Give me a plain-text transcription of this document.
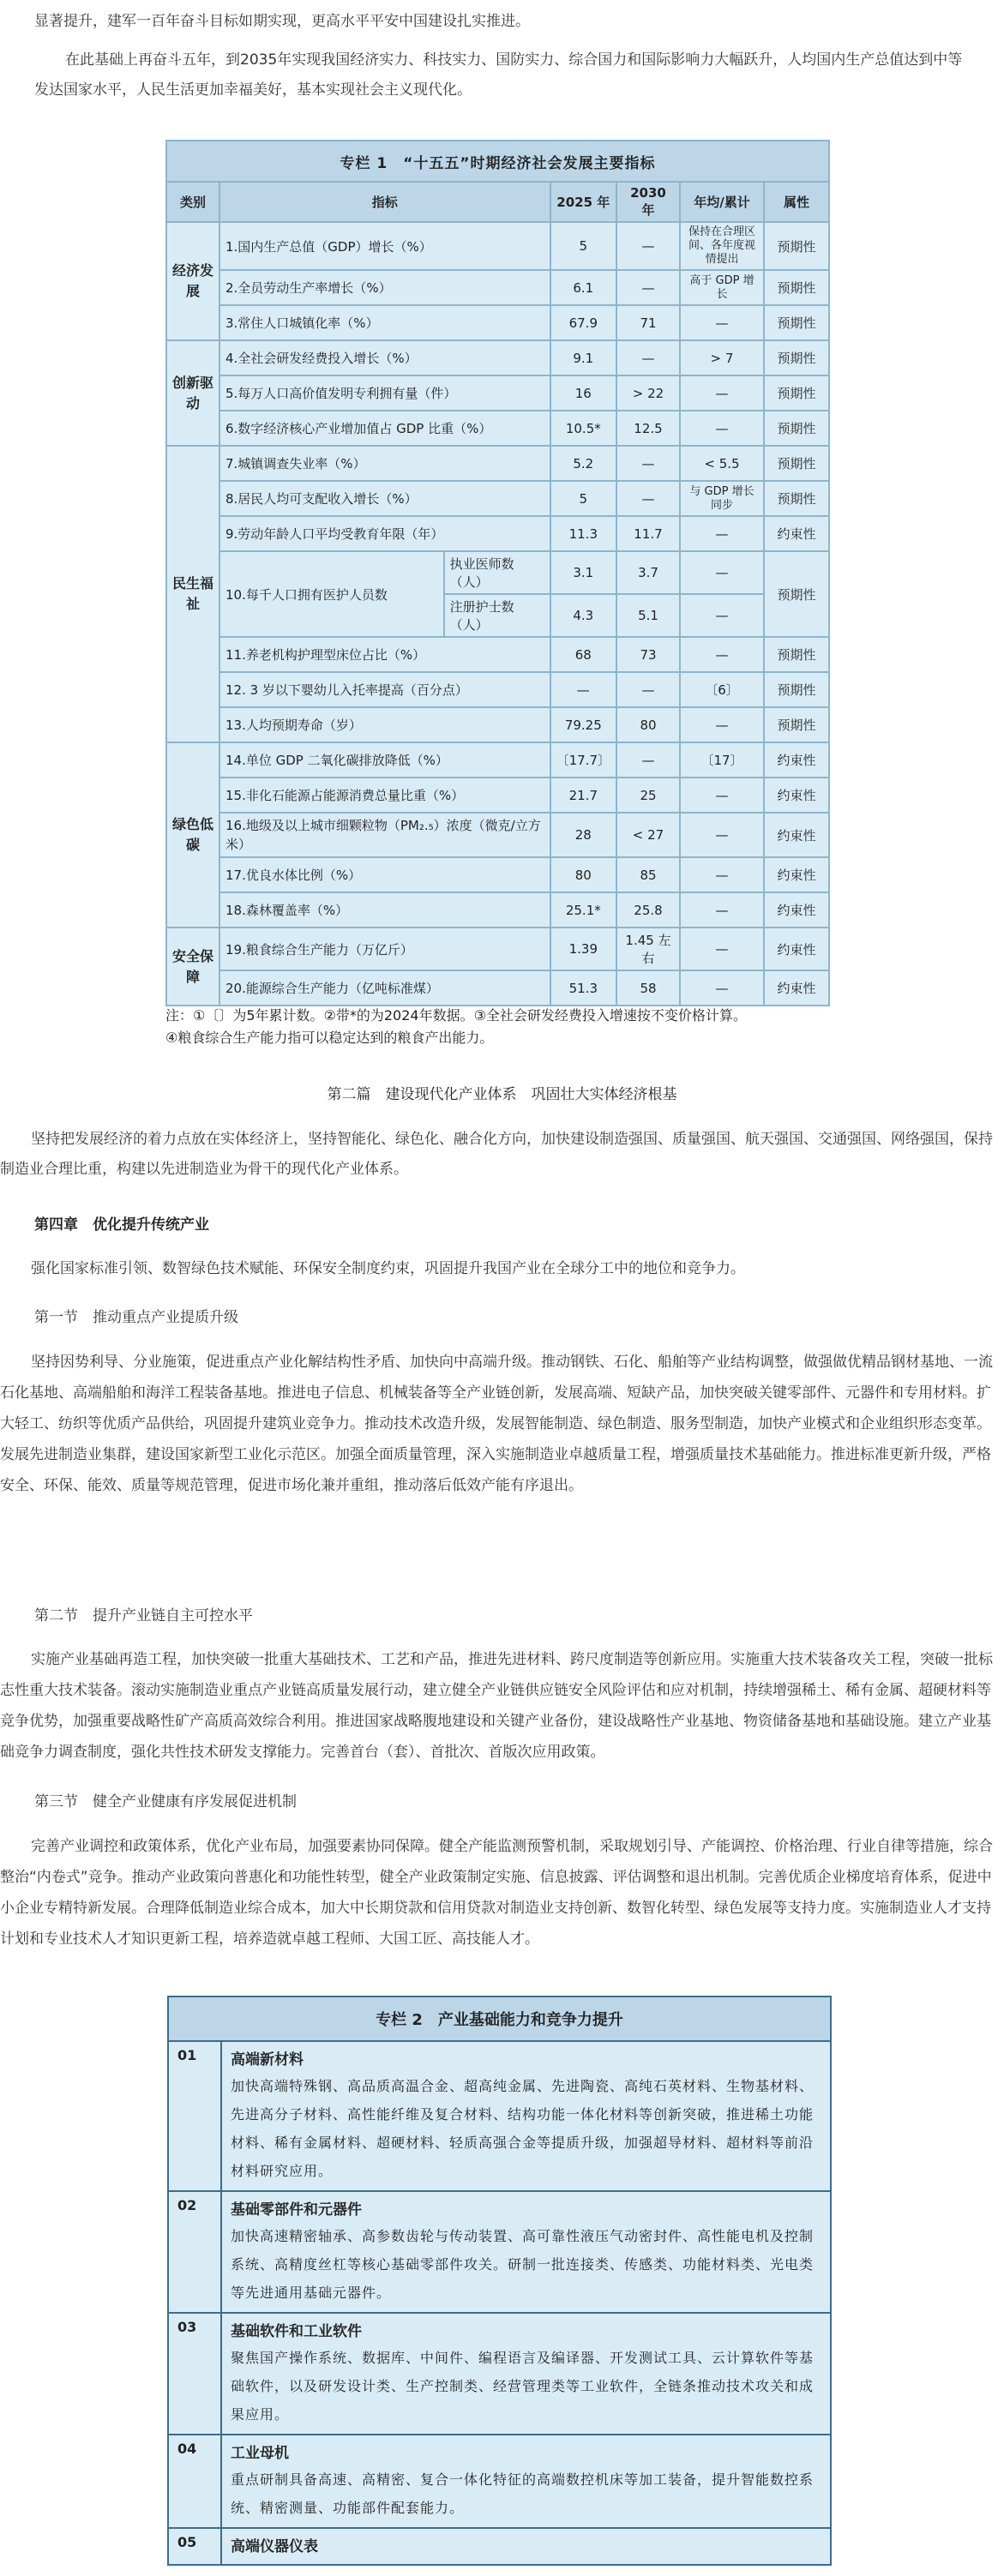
显著提升，建军一百年奋斗目标如期实现，更高水平平安中国建设扎实推进。

在此基础上再奋斗五年，到2035年实现我国经济实力、科技实力、国防实力、综合国力和国际影响力大幅跃升，人均国内生产总值达到中等发达国家水平，人民生活更加幸福美好，基本实现社会主义现代化。

专栏 1　“十五五”时期经济社会发展主要指标						
类别	指标		2025 年	2030 年	年均/累计	属性
经济发展	1.国内生产总值（GDP）增长（%）		5	—	保持在合理区间、各年度视情提出	预期性
	2.全员劳动生产率增长（%）		6.1	—	高于 GDP 增长	预期性
	3.常住人口城镇化率（%）		67.9	71	—	预期性
创新驱动	4.全社会研发经费投入增长（%）		9.1	—	> 7	预期性
	5.每万人口高价值发明专利拥有量（件）		16	> 22	—	预期性
	6.数字经济核心产业增加值占 GDP 比重（%）		10.5*	12.5	—	预期性
民生福祉	7.城镇调查失业率（%）		5.2	—	< 5.5	预期性
	8.居民人均可支配收入增长（%）		5	—	与 GDP 增长同步	预期性
	9.劳动年龄人口平均受教育年限（年）		11.3	11.7	—	约束性
	10.每千人口拥有医护人员数	执业医师数（人）	3.1	3.7	—	预期性
		注册护士数（人）	4.3	5.1	—	
	11.养老机构护理型床位占比（%）		68	73	—	预期性
	12. 3 岁以下婴幼儿入托率提高（百分点）		—	—	〔6〕	预期性
	13.人均预期寿命（岁）		79.25	80	—	预期性
绿色低碳	14.单位 GDP 二氧化碳排放降低（%）		〔17.7〕	—	〔17〕	约束性
	15.非化石能源占能源消费总量比重（%）		21.7	25	—	约束性
	16.地级及以上城市细颗粒物（PM₂.₅）浓度（微克/立方米）		28	< 27	—	约束性
	17.优良水体比例（%）		80	85	—	约束性
	18.森林覆盖率（%）		25.1*	25.8	—	约束性
安全保障	19.粮食综合生产能力（万亿斤）		1.39	1.45 左右	—	约束性
	20.能源综合生产能力（亿吨标准煤）		51.3	58	—	约束性
注：①〔〕为5年累计数。②带*的为2024年数据。③全社会研发经费投入增速按不变价格计算。
④粮食综合生产能力指可以稳定达到的粮食产出能力。
第二篇　建设现代化产业体系　巩固壮大实体经济根基

坚持把发展经济的着力点放在实体经济上，坚持智能化、绿色化、融合化方向，加快建设制造强国、质量强国、航天强国、交通强国、网络强国，保持制造业合理比重，构建以先进制造业为骨干的现代化产业体系。

第四章　优化提升传统产业

强化国家标准引领、数智绿色技术赋能、环保安全制度约束，巩固提升我国产业在全球分工中的地位和竞争力。

第一节　推动重点产业提质升级

坚持因势利导、分业施策，促进重点产业化解结构性矛盾、加快向中高端升级。推动钢铁、石化、船舶等产业结构调整，做强做优精品钢材基地、一流石化基地、高端船舶和海洋工程装备基地。推进电子信息、机械装备等全产业链创新，发展高端、短缺产品，加快突破关键零部件、元器件和专用材料。扩大轻工、纺织等优质产品供给，巩固提升建筑业竞争力。推动技术改造升级，发展智能制造、绿色制造、服务型制造，加快产业模式和企业组织形态变革。发展先进制造业集群，建设国家新型工业化示范区。加强全面质量管理，深入实施制造业卓越质量工程，增强质量技术基础能力。推进标准更新升级，严格安全、环保、能效、质量等规范管理，促进市场化兼并重组，推动落后低效产能有序退出。

第二节　提升产业链自主可控水平

实施产业基础再造工程，加快突破一批重大基础技术、工艺和产品，推进先进材料、跨尺度制造等创新应用。实施重大技术装备攻关工程，突破一批标志性重大技术装备。滚动实施制造业重点产业链高质量发展行动，建立健全产业链供应链安全风险评估和应对机制，持续增强稀土、稀有金属、超硬材料等竞争优势，加强重要战略性矿产高质高效综合利用。推进国家战略腹地建设和关键产业备份，建设战略性产业基地、物资储备基地和基础设施。建立产业基础竞争力调查制度，强化共性技术研发支撑能力。完善首台（套）、首批次、首版次应用政策。

第三节　健全产业健康有序发展促进机制

完善产业调控和政策体系，优化产业布局，加强要素协同保障。健全产能监测预警机制，采取规划引导、产能调控、价格治理、行业自律等措施，综合整治“内卷式”竞争。推动产业政策向普惠化和功能性转型，健全产业政策制定实施、信息披露、评估调整和退出机制。完善优质企业梯度培育体系，促进中小企业专精特新发展。合理降低制造业综合成本，加大中长期贷款和信用贷款对制造业支持创新、数智化转型、绿色发展等支持力度。实施制造业人才支持计划和专业技术人才知识更新工程，培养造就卓越工程师、大国工匠、高技能人才。

专栏 2　产业基础能力和竞争力提升	
01	高端新材料
加快高端特殊钢、高品质高温合金、超高纯金属、先进陶瓷、高纯石英材料、生物基材料、先进高分子材料、高性能纤维及复合材料、结构功能一体化材料等创新突破，推进稀土功能材料、稀有金属材料、超硬材料、轻质高强合金等提质升级，加强超导材料、超材料等前沿材料研究应用。

02	基础零部件和元器件
加快高速精密轴承、高参数齿轮与传动装置、高可靠性液压气动密封件、高性能电机及控制系统、高精度丝杠等核心基础零部件攻关。研制一批连接类、传感类、功能材料类、光电类等先进通用基础元器件。

03	基础软件和工业软件
聚焦国产操作系统、数据库、中间件、编程语言及编译器、开发测试工具、云计算软件等基础软件，以及研发设计类、生产控制类、经营管理类等工业软件，全链条推动技术攻关和成果应用。

04	工业母机
重点研制具备高速、高精密、复合一体化特征的高端数控机床等加工装备，提升智能数控系统、精密测量、功能部件配套能力。

05	高端仪器仪表
